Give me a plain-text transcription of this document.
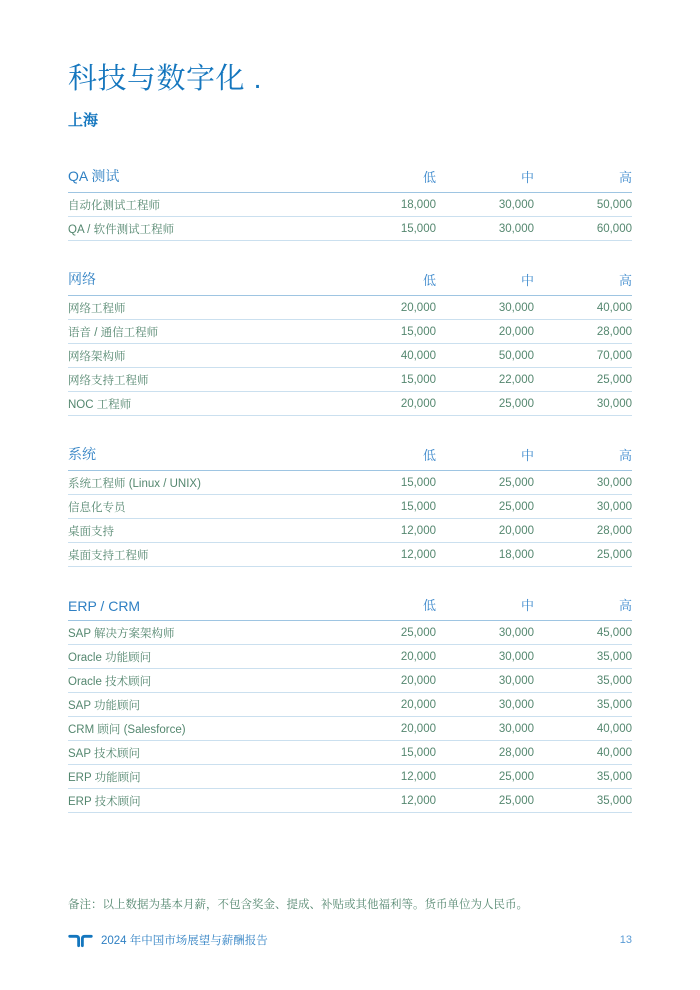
科技与数字化 .
上海
QA 测试	低	中	高
自动化测试工程师	18,000	30,000	50,000
QA / 软件测试工程师	15,000	30,000	60,000
网络	低	中	高
网络工程师	20,000	30,000	40,000
语音 / 通信工程师	15,000	20,000	28,000
网络架构师	40,000	50,000	70,000
网络支持工程师	15,000	22,000	25,000
NOC 工程师	20,000	25,000	30,000
系统	低	中	高
系统工程师 (Linux / UNIX)	15,000	25,000	30,000
信息化专员	15,000	25,000	30,000
桌面支持	12,000	20,000	28,000
桌面支持工程师	12,000	18,000	25,000
ERP / CRM	低	中	高
SAP 解决方案架构师	25,000	30,000	45,000
Oracle 功能顾问	20,000	30,000	35,000
Oracle 技术顾问	20,000	30,000	35,000
SAP 功能顾问	20,000	30,000	35,000
CRM 顾问 (Salesforce)	20,000	30,000	40,000
SAP 技术顾问	15,000	28,000	40,000
ERP 功能顾问	12,000	25,000	35,000
ERP 技术顾问	12,000	25,000	35,000
备注：以上数据为基本月薪，不包含奖金、提成、补贴或其他福利等。货币单位为人民币。
2024 年中国市场展望与薪酬报告	13
